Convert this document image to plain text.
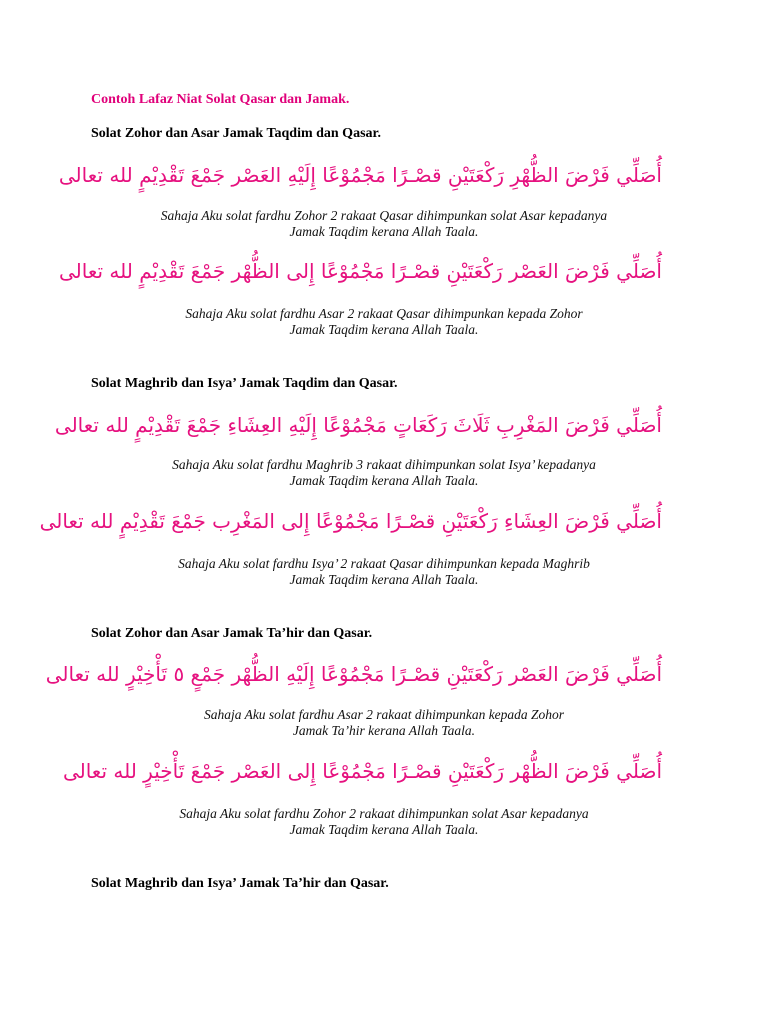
Contoh Lafaz Niat Solat Qasar dan Jamak.
Solat Zohor dan Asar Jamak Taqdim dan Qasar.
أُصَلِّي فَرْضَ الظُّهْرِ رَكْعَتَيْنِ قصْـرًا مَجْمُوْعًا إِلَيْهِ العَصْر جَمْعَ تَقْدِيْمٍ لله تعالى
Sahaja Aku solat fardhu Zohor 2 rakaat Qasar dihimpunkan solat Asar kepadanya
Jamak Taqdim kerana Allah Taala.
أُصَلِّي فَرْضَ العَصْر رَكْعَتَيْنِ قصْـرًا مَجْمُوْعًا إِلى الظُّهْر جَمْعَ تَقْدِيْمٍ لله تعالى
Sahaja Aku solat fardhu Asar 2 rakaat Qasar dihimpunkan kepada Zohor
Jamak Taqdim kerana Allah Taala.
Solat Maghrib dan Isya’ Jamak Taqdim dan Qasar.
أُصَلِّي فَرْضَ المَغْرِبِ ثَلَاثَ رَكَعَاتٍ مَجْمُوْعًا إِلَيْهِ العِشَاءِ جَمْعَ تَقْدِيْمٍ لله تعالى
Sahaja Aku solat fardhu Maghrib 3 rakaat dihimpunkan solat Isya’ kepadanya
Jamak Taqdim kerana Allah Taala.
أُصَلِّي فَرْضَ العِشَاءِ رَكْعَتَيْنِ قصْـرًا مَجْمُوْعًا إِلى المَغْرِب جَمْعَ تَقْدِيْمٍ لله تعالى
Sahaja Aku solat fardhu Isya’ 2 rakaat Qasar dihimpunkan kepada Maghrib
Jamak Taqdim kerana Allah Taala.
Solat Zohor dan Asar Jamak Ta’hir dan Qasar.
أُصَلِّي فَرْضَ العَصْر رَكْعَتَيْنِ قصْـرًا مَجْمُوْعًا إِلَيْهِ الظُّهْر جَمْعٍ ٥ تَأْخِيْرٍ لله تعالى
Sahaja Aku solat fardhu Asar 2 rakaat dihimpunkan kepada Zohor
Jamak Ta’hir kerana Allah Taala.
أُصَلِّي فَرْضَ الظُّهْر رَكْعَتَيْنِ قصْـرًا مَجْمُوْعًا إِلى العَصْر جَمْعَ تَأْخِيْرٍ لله تعالى
Sahaja Aku solat fardhu Zohor 2 rakaat dihimpunkan solat Asar kepadanya
Jamak Taqdim kerana Allah Taala.
Solat Maghrib dan Isya’ Jamak Ta’hir dan Qasar.
